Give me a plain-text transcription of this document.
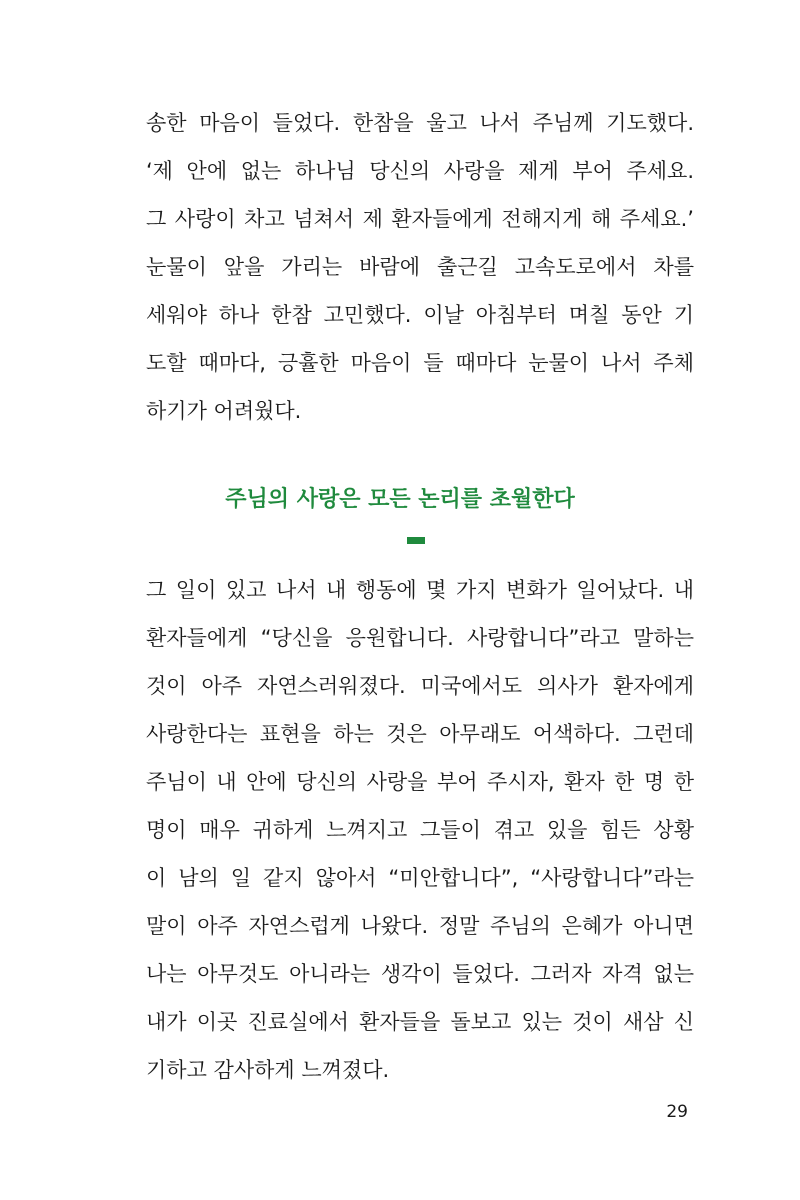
송한 마음이 들었다. 한참을 울고 나서 주님께 기도했다.
‘제 안에 없는 하나님 당신의 사랑을 제게 부어 주세요.
그 사랑이 차고 넘쳐서 제 환자들에게 전해지게 해 주세요.’
눈물이 앞을 가리는 바람에 출근길 고속도로에서 차를
세워야 하나 한참 고민했다. 이날 아침부터 며칠 동안 기
도할 때마다, 긍휼한 마음이 들 때마다 눈물이 나서 주체
하기가 어려웠다.
주님의 사랑은 모든 논리를 초월한다
그 일이 있고 나서 내 행동에 몇 가지 변화가 일어났다. 내
환자들에게 “당신을 응원합니다. 사랑합니다”라고 말하는
것이 아주 자연스러워졌다. 미국에서도 의사가 환자에게
사랑한다는 표현을 하는 것은 아무래도 어색하다. 그런데
주님이 내 안에 당신의 사랑을 부어 주시자, 환자 한 명 한
명이 매우 귀하게 느껴지고 그들이 겪고 있을 힘든 상황
이 남의 일 같지 않아서 “미안합니다”, “사랑합니다”라는
말이 아주 자연스럽게 나왔다. 정말 주님의 은혜가 아니면
나는 아무것도 아니라는 생각이 들었다. 그러자 자격 없는
내가 이곳 진료실에서 환자들을 돌보고 있는 것이 새삼 신
기하고 감사하게 느껴졌다.
29
